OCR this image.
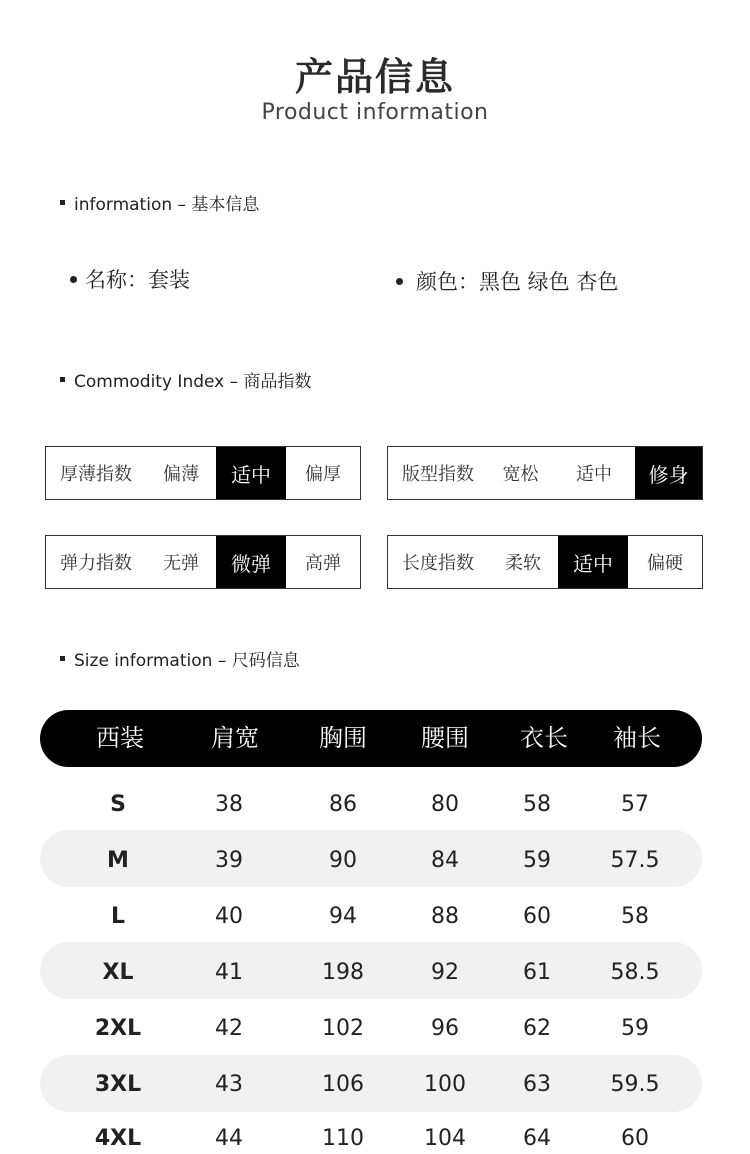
产品信息
Product information
information – 基本信息
名称：套装	颜色：黑色 绿色 杏色
Commodity Index – 商品指数
厚薄指数	偏薄	适中	偏厚	版型指数	宽松	适中	修身
弹力指数	无弹	微弹	高弹	长度指数	柔软	适中	偏硬
Size information – 尺码信息
西装	肩宽	胸围	腰围	衣长	袖长
S	38	86	80	58	57
M	39	90	84	59	57.5
L	40	94	88	60	58
XL	41	198	92	61	58.5
2XL	42	102	96	62	59
3XL	43	106	100	63	59.5
4XL	44	110	104	64	60
